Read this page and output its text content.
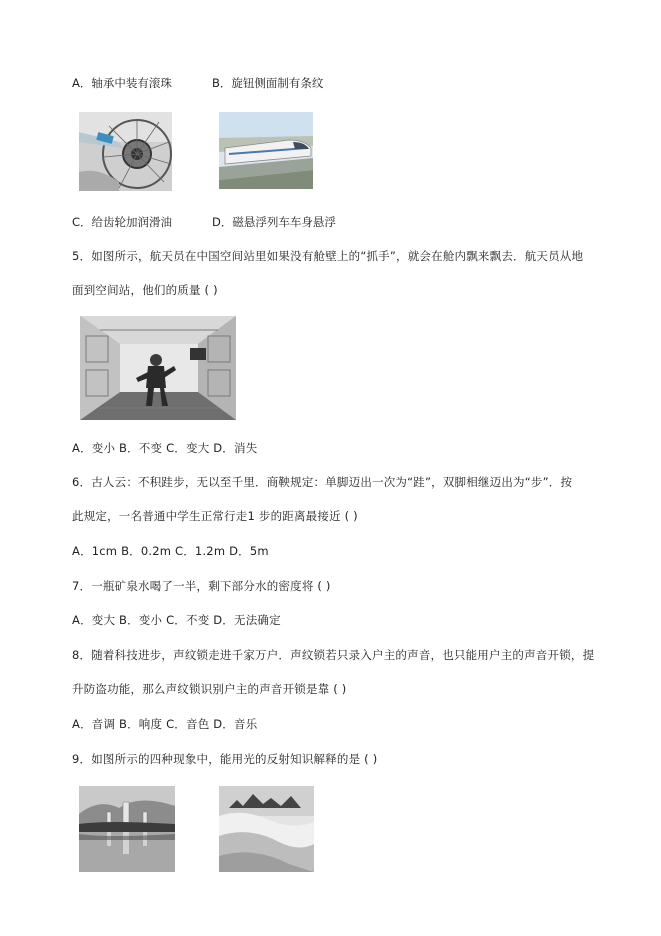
A．轴承中装有滚珠	B．旋钮侧面制有条纹
C．给齿轮加润滑油	D．磁悬浮列车车身悬浮
5．如图所示，航天员在中国空间站里如果没有舱壁上的“抓手”，就会在舱内飘来飘去．航天员从地
面到空间站，他们的质量 ( )
A．变小 B．不变 C．变大 D．消失
6．古人云：不积跬步，无以至千里．商鞅规定：单脚迈出一次为“跬”，双脚相继迈出为“步”．按
此规定，一名普通中学生正常行走1 步的距离最接近 ( )
A．1cm B．0.2m C．1.2m D．5m
7．一瓶矿泉水喝了一半，剩下部分水的密度将 ( )
A．变大 B．变小 C．不变 D．无法确定
8．随着科技进步，声纹锁走进千家万户．声纹锁若只录入户主的声音，也只能用户主的声音开锁，提
升防盗功能，那么声纹锁识别户主的声音开锁是靠 ( )
A．音调 B．响度 C．音色 D．音乐
9．如图所示的四种现象中，能用光的反射知识解释的是 ( )
